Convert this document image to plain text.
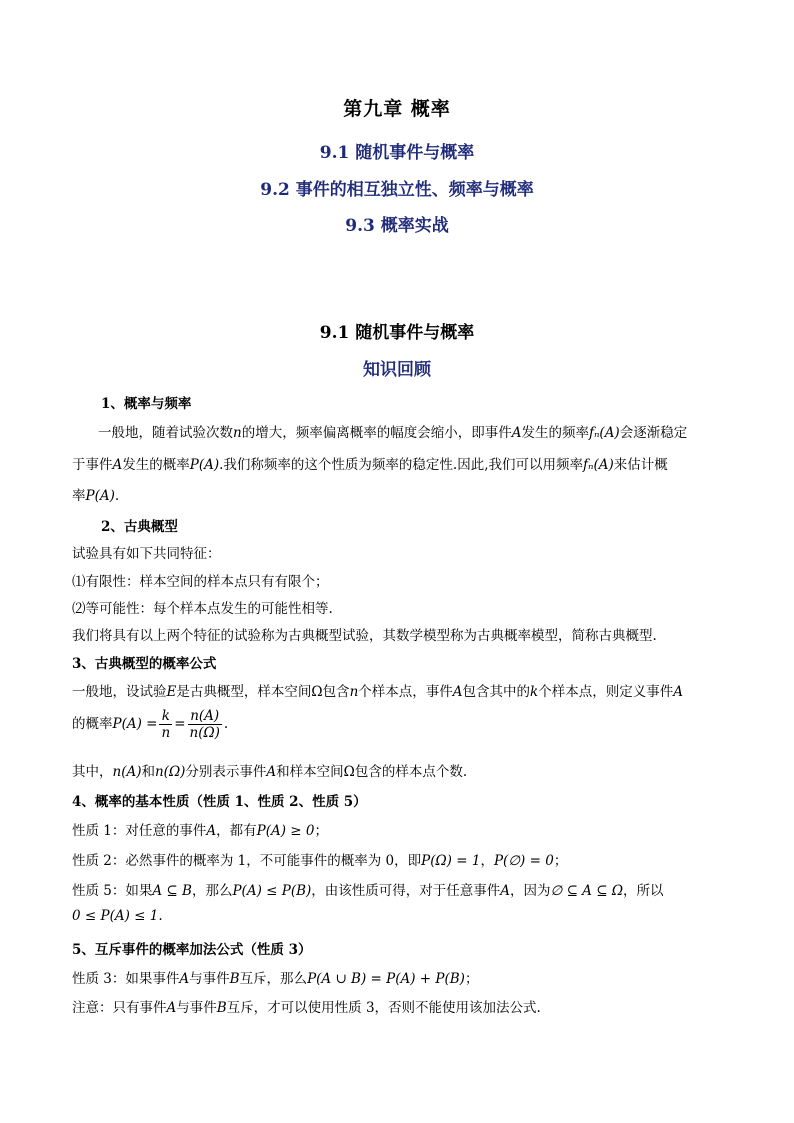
第九章 概率
9.1 随机事件与概率
9.2 事件的相互独立性、频率与概率
9.3 概率实战
9.1 随机事件与概率
知识回顾
1、概率与频率
一般地，随着试验次数n的增大，频率偏离概率的幅度会缩小，即事件A发生的频率fₙ(A)会逐渐稳定
于事件A发生的概率P(A).我们称频率的这个性质为频率的稳定性.因此,我们可以用频率fₙ(A)来估计概
率P(A).
2、古典概型
试验具有如下共同特征：
⑴有限性：样本空间的样本点只有有限个；
⑵等可能性：每个样本点发生的可能性相等.
我们将具有以上两个特征的试验称为古典概型试验，其数学模型称为古典概率模型，简称古典概型.
3、古典概型的概率公式
一般地，设试验E是古典概型，样本空间Ω包含n个样本点，事件A包含其中的k个样本点，则定义事件A
的概率$P(A) = \frac{k}{n} = \frac{n(A)}{n(\Omega)}$ .
其中，n(A)和n(Ω)分别表示事件A和样本空间Ω包含的样本点个数.
4、概率的基本性质（性质 1、性质 2、性质 5）
性质 1：对任意的事件A，都有P(A) ≥ 0；
性质 2：必然事件的概率为 1，不可能事件的概率为 0，即P(Ω) = 1，P(∅) = 0；
性质 5：如果A ⊆ B，那么P(A) ≤ P(B)，由该性质可得，对于任意事件A，因为∅ ⊆ A ⊆ Ω，所以
0 ≤ P(A) ≤ 1.
5、互斥事件的概率加法公式（性质 3）
性质 3：如果事件A与事件B互斥，那么P(A ∪ B) = P(A) + P(B)；
注意：只有事件A与事件B互斥，才可以使用性质 3，否则不能使用该加法公式.
